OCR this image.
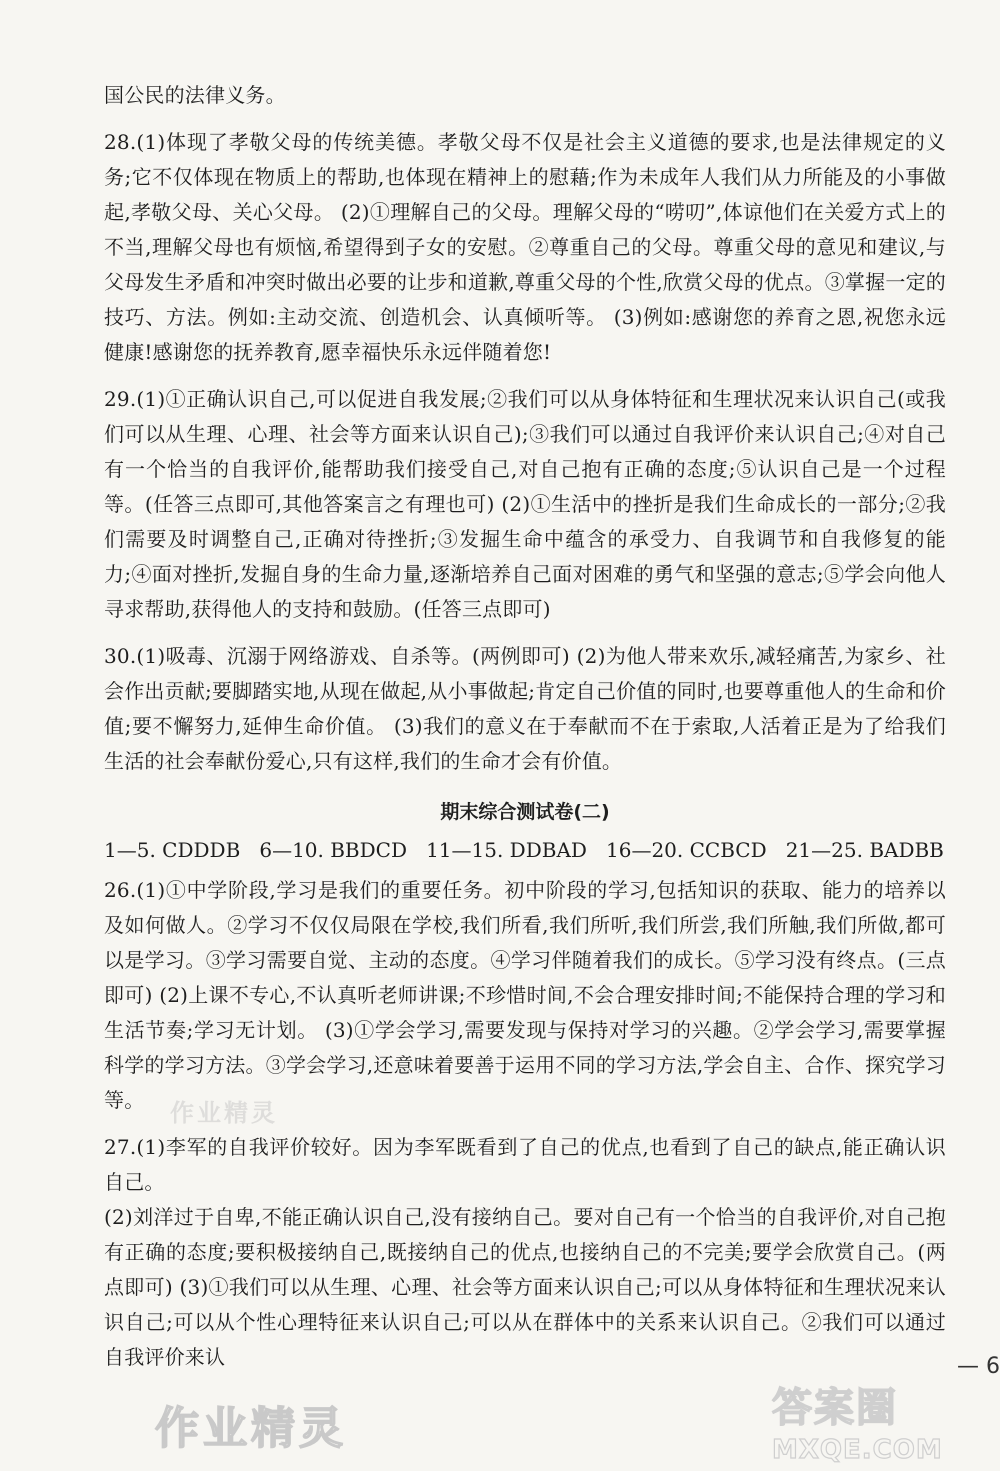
国公民的法律义务。

28.(1)体现了孝敬父母的传统美德。孝敬父母不仅是社会主义道德的要求,也是法律规定的义务;它不仅体现在物质上的帮助,也体现在精神上的慰藉;作为未成年人我们从力所能及的小事做起,孝敬父母、关心父母。 (2)①理解自己的父母。理解父母的“唠叨”,体谅他们在关爱方式上的不当,理解父母也有烦恼,希望得到子女的安慰。②尊重自己的父母。尊重父母的意见和建议,与父母发生矛盾和冲突时做出必要的让步和道歉,尊重父母的个性,欣赏父母的优点。③掌握一定的技巧、方法。例如:主动交流、创造机会、认真倾听等。 (3)例如:感谢您的养育之恩,祝您永远健康!感谢您的抚养教育,愿幸福快乐永远伴随着您!

29.(1)①正确认识自己,可以促进自我发展;②我们可以从身体特征和生理状况来认识自己(或我们可以从生理、心理、社会等方面来认识自己);③我们可以通过自我评价来认识自己;④对自己有一个恰当的自我评价,能帮助我们接受自己,对自己抱有正确的态度;⑤认识自己是一个过程等。(任答三点即可,其他答案言之有理也可) (2)①生活中的挫折是我们生命成长的一部分;②我们需要及时调整自己,正确对待挫折;③发掘生命中蕴含的承受力、自我调节和自我修复的能力;④面对挫折,发掘自身的生命力量,逐渐培养自己面对困难的勇气和坚强的意志;⑤学会向他人寻求帮助,获得他人的支持和鼓励。(任答三点即可)

30.(1)吸毒、沉溺于网络游戏、自杀等。(两例即可) (2)为他人带来欢乐,减轻痛苦,为家乡、社会作出贡献;要脚踏实地,从现在做起,从小事做起;肯定自己价值的同时,也要尊重他人的生命和价值;要不懈努力,延伸生命价值。 (3)我们的意义在于奉献而不在于索取,人活着正是为了给我们生活的社会奉献份爱心,只有这样,我们的生命才会有价值。

期末综合测试卷(二)
1—5. CDDDB   6—10. BBDCD   11—15. DDBAD   16—20. CCBCD   21—25. BADBB

26.(1)①中学阶段,学习是我们的重要任务。初中阶段的学习,包括知识的获取、能力的培养以及如何做人。②学习不仅仅局限在学校,我们所看,我们所听,我们所尝,我们所触,我们所做,都可以是学习。③学习需要自觉、主动的态度。④学习伴随着我们的成长。⑤学习没有终点。(三点即可) (2)上课不专心,不认真听老师讲课;不珍惜时间,不会合理安排时间;不能保持合理的学习和生活节奏;学习无计划。 (3)①学会学习,需要发现与保持对学习的兴趣。②学会学习,需要掌握科学的学习方法。③学会学习,还意味着要善于运用不同的学习方法,学会自主、合作、探究学习等。

27.(1)李军的自我评价较好。因为李军既看到了自己的优点,也看到了自己的缺点,能正确认识自己。

(2)刘洋过于自卑,不能正确认识自己,没有接纳自己。要对自己有一个恰当的自我评价,对自己抱有正确的态度;要积极接纳自己,既接纳自己的优点,也接纳自己的不完美;要学会欣赏自己。(两点即可) (3)①我们可以从生理、心理、社会等方面来认识自己;可以从身体特征和生理状况来认识自己;可以从个性心理特征来认识自己;可以从在群体中的关系来认识自己。②我们可以通过自我评价来认	— 6
作业精灵
作业精灵	答案圈
MXQE.COM
